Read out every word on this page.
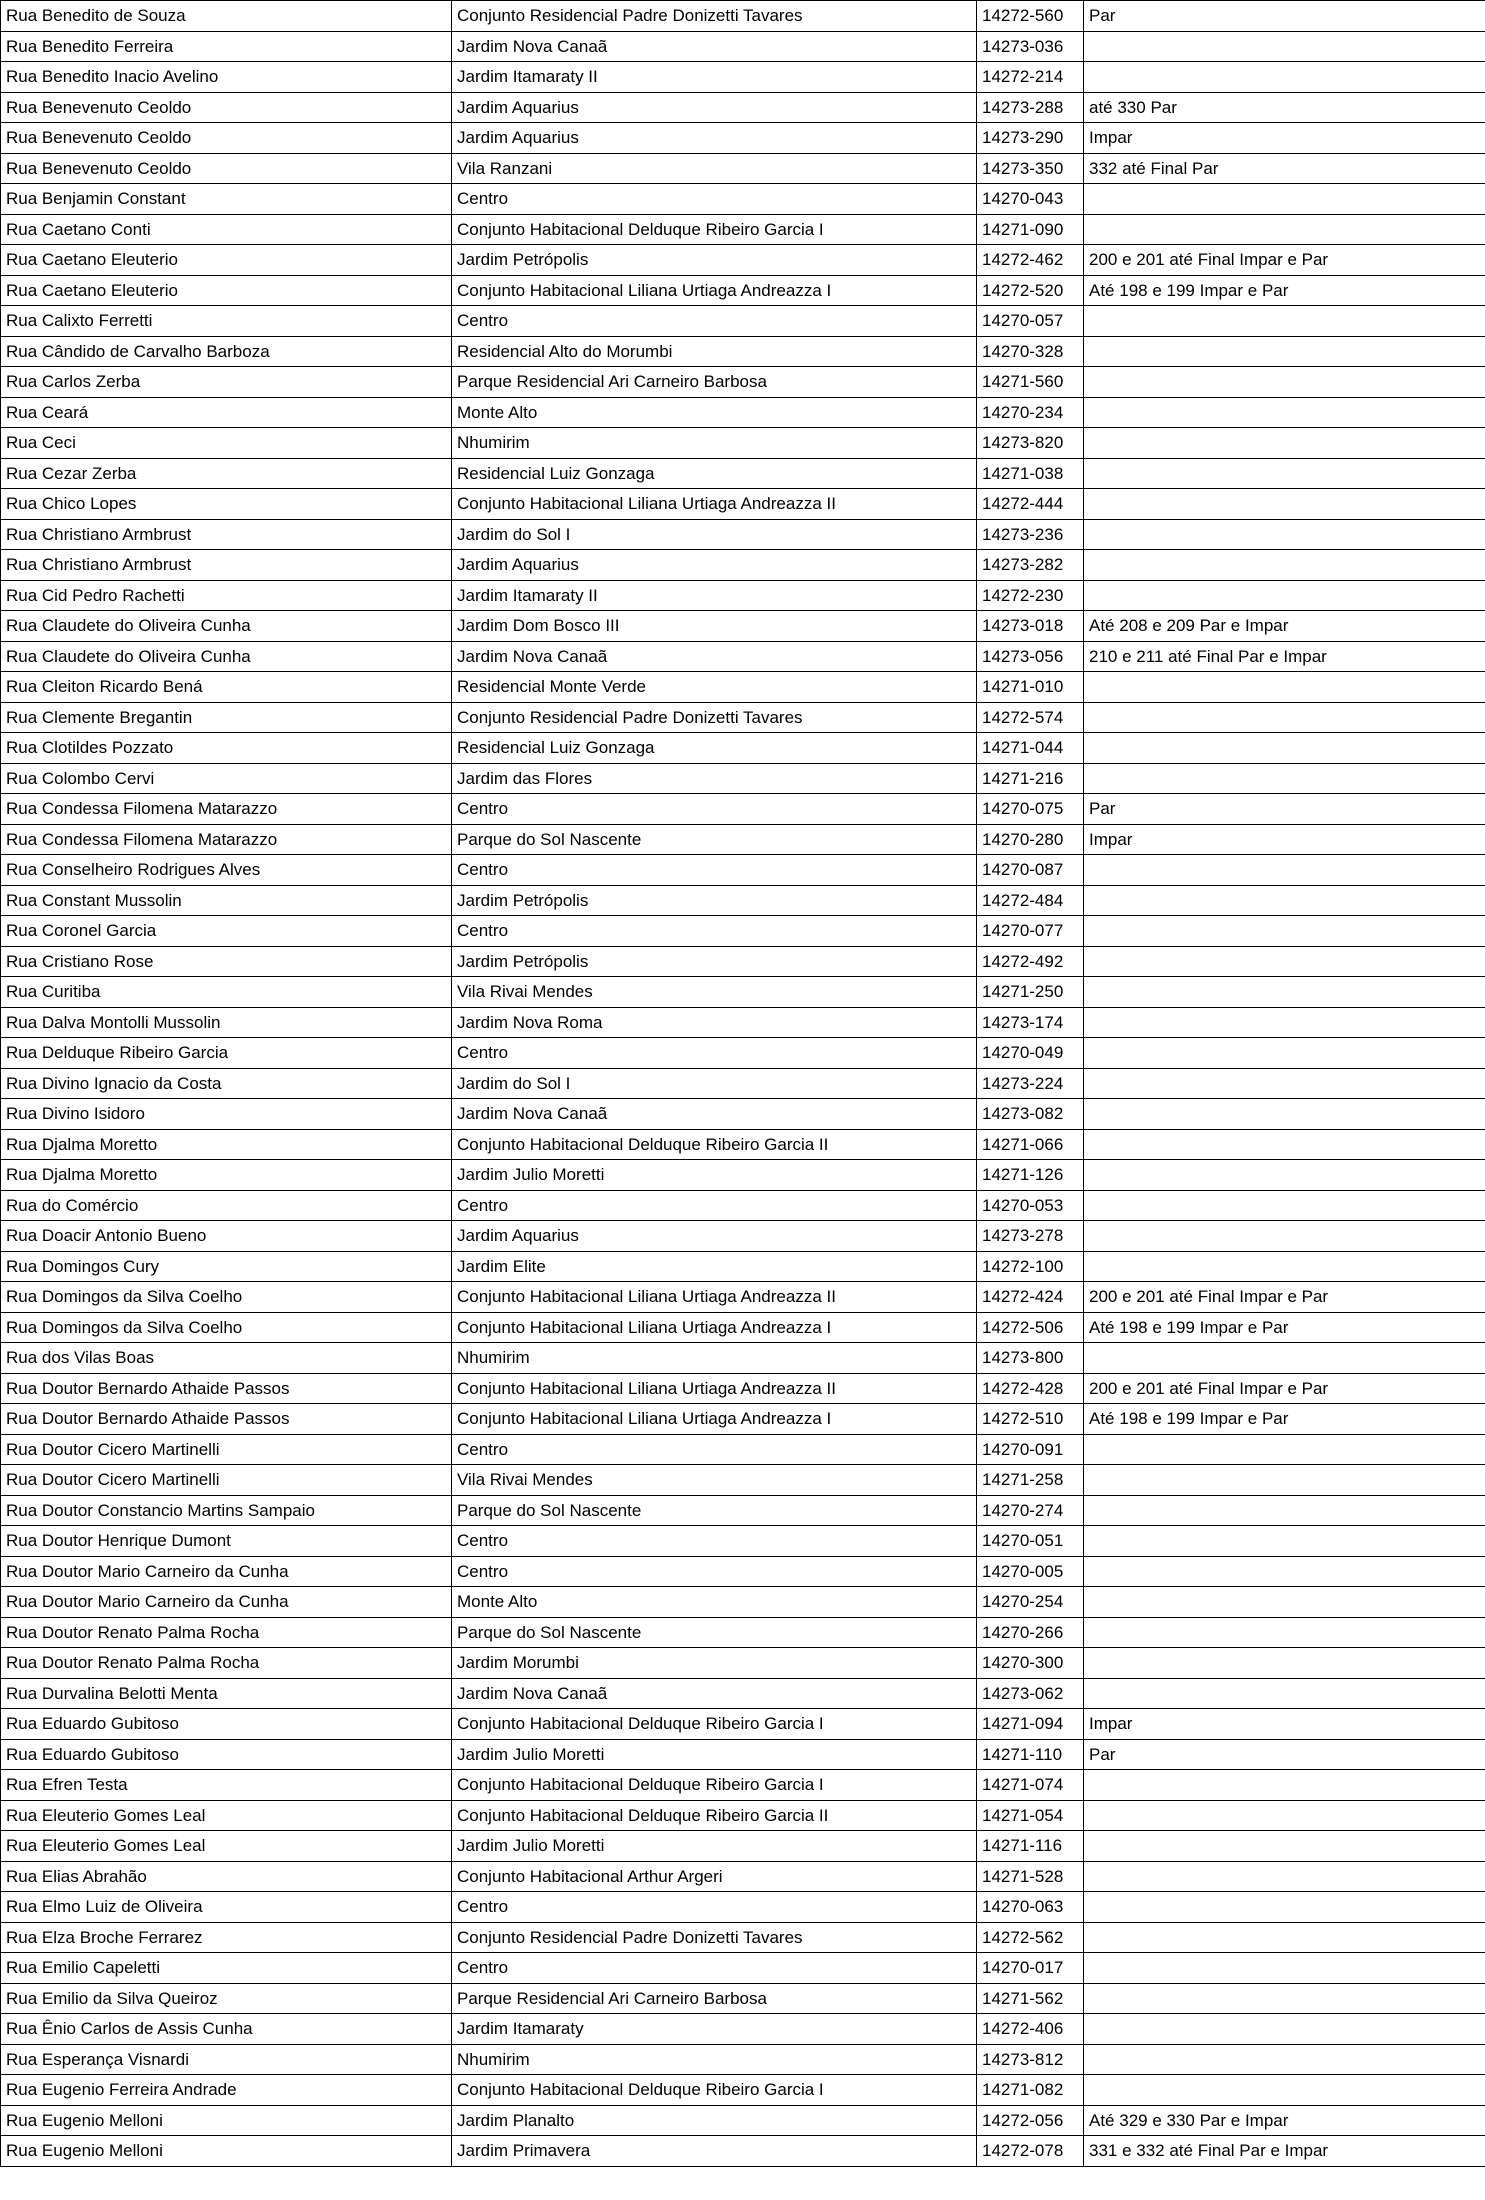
Rua Benedito de Souza	Conjunto Residencial Padre Donizetti Tavares	14272-560	Par
Rua Benedito Ferreira	Jardim Nova Canaã	14273-036	
Rua Benedito Inacio Avelino	Jardim Itamaraty II	14272-214	
Rua Benevenuto Ceoldo	Jardim Aquarius	14273-288	até 330 Par
Rua Benevenuto Ceoldo	Jardim Aquarius	14273-290	Impar
Rua Benevenuto Ceoldo	Vila Ranzani	14273-350	332 até Final Par
Rua Benjamin Constant	Centro	14270-043	
Rua Caetano Conti	Conjunto Habitacional Delduque Ribeiro Garcia I	14271-090	
Rua Caetano Eleuterio	Jardim Petrópolis	14272-462	200 e 201 até Final Impar e Par
Rua Caetano Eleuterio	Conjunto Habitacional Liliana Urtiaga Andreazza I	14272-520	Até 198 e 199 Impar e Par
Rua Calixto Ferretti	Centro	14270-057	
Rua Cândido de Carvalho Barboza	Residencial Alto do Morumbi	14270-328	
Rua Carlos Zerba	Parque Residencial Ari Carneiro Barbosa	14271-560	
Rua Ceará	Monte Alto	14270-234	
Rua Ceci	Nhumirim	14273-820	
Rua Cezar Zerba	Residencial Luiz Gonzaga	14271-038	
Rua Chico Lopes	Conjunto Habitacional Liliana Urtiaga Andreazza II	14272-444	
Rua Christiano Armbrust	Jardim do Sol I	14273-236	
Rua Christiano Armbrust	Jardim Aquarius	14273-282	
Rua Cid Pedro Rachetti	Jardim Itamaraty II	14272-230	
Rua Claudete do Oliveira Cunha	Jardim Dom Bosco III	14273-018	Até 208 e 209 Par e Impar
Rua Claudete do Oliveira Cunha	Jardim Nova Canaã	14273-056	210 e 211 até Final Par e Impar
Rua Cleiton Ricardo Bená	Residencial Monte Verde	14271-010	
Rua Clemente Bregantin	Conjunto Residencial Padre Donizetti Tavares	14272-574	
Rua Clotildes Pozzato	Residencial Luiz Gonzaga	14271-044	
Rua Colombo Cervi	Jardim das Flores	14271-216	
Rua Condessa Filomena Matarazzo	Centro	14270-075	Par
Rua Condessa Filomena Matarazzo	Parque do Sol Nascente	14270-280	Impar
Rua Conselheiro Rodrigues Alves	Centro	14270-087	
Rua Constant Mussolin	Jardim Petrópolis	14272-484	
Rua Coronel Garcia	Centro	14270-077	
Rua Cristiano Rose	Jardim Petrópolis	14272-492	
Rua Curitiba	Vila Rivai Mendes	14271-250	
Rua Dalva Montolli Mussolin	Jardim Nova Roma	14273-174	
Rua Delduque Ribeiro Garcia	Centro	14270-049	
Rua Divino Ignacio da Costa	Jardim do Sol I	14273-224	
Rua Divino Isidoro	Jardim Nova Canaã	14273-082	
Rua Djalma Moretto	Conjunto Habitacional Delduque Ribeiro Garcia II	14271-066	
Rua Djalma Moretto	Jardim Julio Moretti	14271-126	
Rua do Comércio	Centro	14270-053	
Rua Doacir Antonio Bueno	Jardim Aquarius	14273-278	
Rua Domingos Cury	Jardim Elite	14272-100	
Rua Domingos da Silva Coelho	Conjunto Habitacional Liliana Urtiaga Andreazza II	14272-424	200 e 201 até Final Impar e Par
Rua Domingos da Silva Coelho	Conjunto Habitacional Liliana Urtiaga Andreazza I	14272-506	Até 198 e 199 Impar e Par
Rua dos Vilas Boas	Nhumirim	14273-800	
Rua Doutor Bernardo Athaide Passos	Conjunto Habitacional Liliana Urtiaga Andreazza II	14272-428	200 e 201 até Final Impar e Par
Rua Doutor Bernardo Athaide Passos	Conjunto Habitacional Liliana Urtiaga Andreazza I	14272-510	Até 198 e 199 Impar e Par
Rua Doutor Cicero Martinelli	Centro	14270-091	
Rua Doutor Cicero Martinelli	Vila Rivai Mendes	14271-258	
Rua Doutor Constancio Martins Sampaio	Parque do Sol Nascente	14270-274	
Rua Doutor Henrique Dumont	Centro	14270-051	
Rua Doutor Mario Carneiro da Cunha	Centro	14270-005	
Rua Doutor Mario Carneiro da Cunha	Monte Alto	14270-254	
Rua Doutor Renato Palma Rocha	Parque do Sol Nascente	14270-266	
Rua Doutor Renato Palma Rocha	Jardim Morumbi	14270-300	
Rua Durvalina Belotti Menta	Jardim Nova Canaã	14273-062	
Rua Eduardo Gubitoso	Conjunto Habitacional Delduque Ribeiro Garcia I	14271-094	Impar
Rua Eduardo Gubitoso	Jardim Julio Moretti	14271-110	Par
Rua Efren Testa	Conjunto Habitacional Delduque Ribeiro Garcia I	14271-074	
Rua Eleuterio Gomes Leal	Conjunto Habitacional Delduque Ribeiro Garcia II	14271-054	
Rua Eleuterio Gomes Leal	Jardim Julio Moretti	14271-116	
Rua Elias Abrahão	Conjunto Habitacional Arthur Argeri	14271-528	
Rua Elmo Luiz de Oliveira	Centro	14270-063	
Rua Elza Broche Ferrarez	Conjunto Residencial Padre Donizetti Tavares	14272-562	
Rua Emilio Capeletti	Centro	14270-017	
Rua Emilio da Silva Queiroz	Parque Residencial Ari Carneiro Barbosa	14271-562	
Rua Ênio Carlos de Assis Cunha	Jardim Itamaraty	14272-406	
Rua Esperança Visnardi	Nhumirim	14273-812	
Rua Eugenio Ferreira Andrade	Conjunto Habitacional Delduque Ribeiro Garcia I	14271-082	
Rua Eugenio Melloni	Jardim Planalto	14272-056	Até 329 e 330 Par e Impar
Rua Eugenio Melloni	Jardim Primavera	14272-078	331 e 332 até Final Par e Impar
